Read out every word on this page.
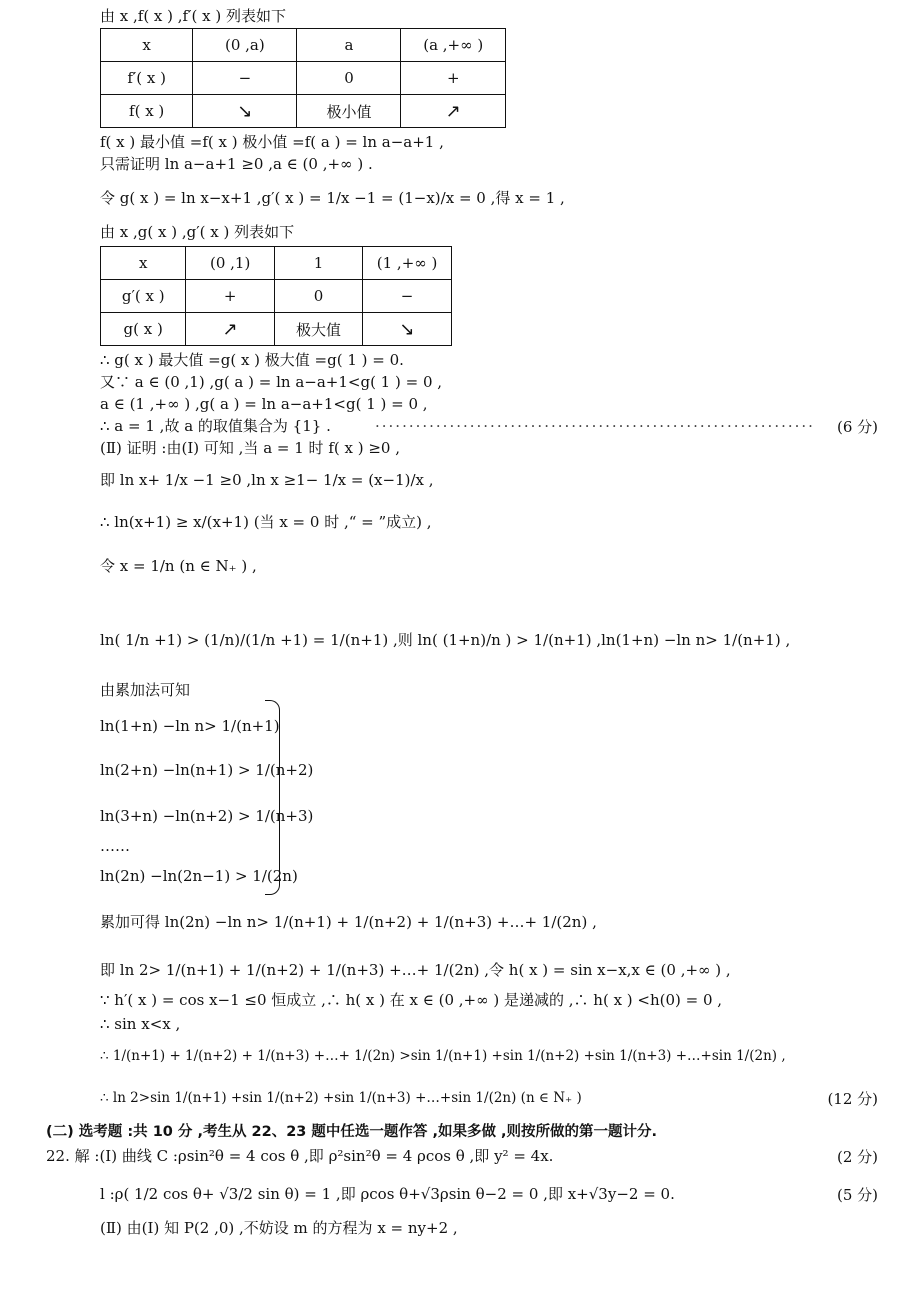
由 x ,f( x ) ,f′( x ) 列表如下
x	(0 ,a)	a	(a ,+∞ )
f′( x )	−	0	+
f( x )	↘	极小值	↗
f( x ) 最小值 =f( x ) 极小值 =f( a ) = ln a−a+1 ,
只需证明 ln a−a+1 ≥0 ,a ∈ (0 ,+∞ ) .
令 g( x ) = ln x−x+1 ,g′( x ) = 1/x −1 = (1−x)/x = 0 ,得 x = 1 ,
由 x ,g( x ) ,g′( x ) 列表如下
x	(0 ,1)	1	(1 ,+∞ )
g′( x )	+	0	−
g( x )	↗	极大值	↘
∴ g( x ) 最大值 =g( x ) 极大值 =g( 1 ) = 0.
又∵ a ∈ (0 ,1) ,g( a ) = ln a−a+1<g( 1 ) = 0 ,
a ∈ (1 ,+∞ ) ,g( a ) = ln a−a+1<g( 1 ) = 0 ,
∴ a = 1 ,故 a 的取值集合为 {1} .	································································· (6 分)
(Ⅱ) 证明 :由(Ⅰ) 可知 ,当 a = 1 时 f( x ) ≥0 ,
即 ln x+ 1/x −1 ≥0 ,ln x ≥1− 1/x = (x−1)/x ,
∴ ln(x+1) ≥ x/(x+1) (当 x = 0 时 ,“ = ”成立) ,
令 x = 1/n (n ∈ N₊ ) ,
ln( 1/n +1) > (1/n)/(1/n +1) = 1/(n+1) ,则 ln( (1+n)/n ) > 1/(n+1) ,ln(1+n) −ln n> 1/(n+1) ,
由累加法可知
ln(1+n) −ln n> 1/(n+1)
ln(2+n) −ln(n+1) > 1/(n+2)
ln(3+n) −ln(n+2) > 1/(n+3)
……
ln(2n) −ln(2n−1) > 1/(2n)
累加可得 ln(2n) −ln n> 1/(n+1) + 1/(n+2) + 1/(n+3) +…+ 1/(2n) ,
即 ln 2> 1/(n+1) + 1/(n+2) + 1/(n+3) +…+ 1/(2n) ,令 h( x ) = sin x−x,x ∈ (0 ,+∞ ) ,
∵ h′( x ) = cos x−1 ≤0 恒成立 ,∴ h( x ) 在 x ∈ (0 ,+∞ ) 是递减的 ,∴ h( x ) <h(0) = 0 ,
∴ sin x<x ,
∴ 1/(n+1) + 1/(n+2) + 1/(n+3) +…+ 1/(2n) >sin 1/(n+1) +sin 1/(n+2) +sin 1/(n+3) +…+sin 1/(2n) ,
∴ ln 2>sin 1/(n+1) +sin 1/(n+2) +sin 1/(n+3) +…+sin 1/(2n) (n ∈ N₊ )	(12 分)
(二) 选考题 :共 10 分 ,考生从 22、23 题中任选一题作答 ,如果多做 ,则按所做的第一题计分.
22. 解 :(Ⅰ) 曲线 C :ρsin²θ = 4 cos θ ,即 ρ²sin²θ = 4 ρcos θ ,即 y² = 4x.	(2 分)
l :ρ( 1/2 cos θ+ √3/2 sin θ) = 1 ,即 ρcos θ+√3ρsin θ−2 = 0 ,即 x+√3y−2 = 0.	(5 分)
(Ⅱ) 由(Ⅰ) 知 P(2 ,0) ,不妨设 m 的方程为 x = ny+2 ,
